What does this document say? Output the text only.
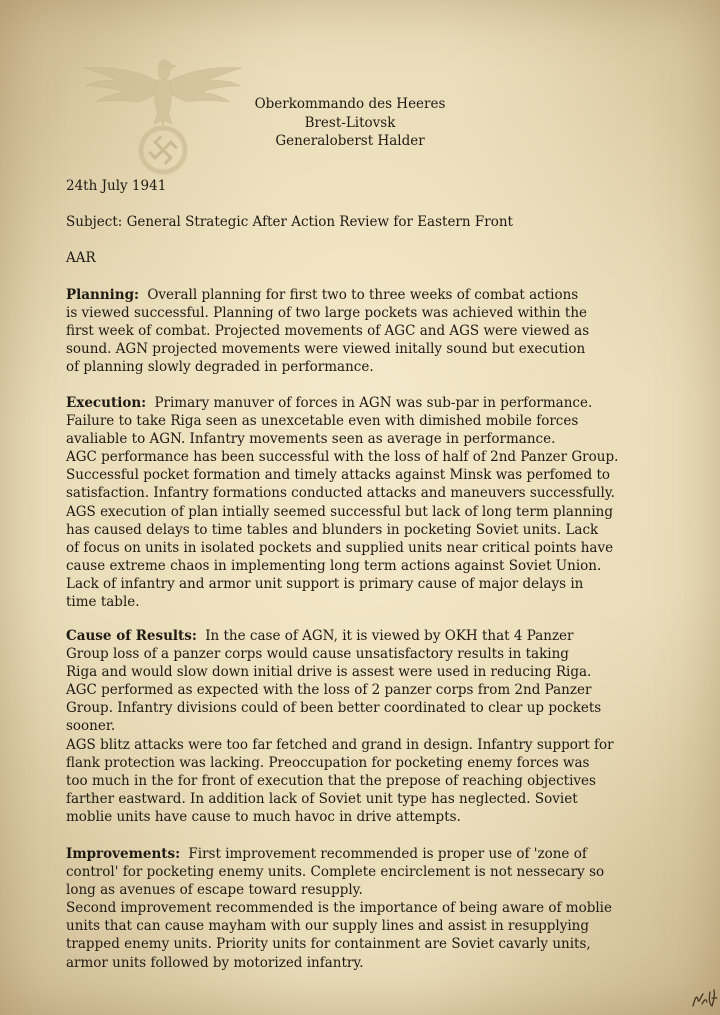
Oberkommando des Heeres
Brest-Litovsk
Generaloberst Halder
24th July 1941
Subject: General Strategic After Action Review for Eastern Front
AAR
Planning: Overall planning for first two to three weeks of combat actions
is viewed successful. Planning of two large pockets was achieved within the
first week of combat. Projected movements of AGC and AGS were viewed as
sound. AGN projected movements were viewed initally sound but execution
of planning slowly degraded in performance.
Execution: Primary manuver of forces in AGN was sub-par in performance.
Failure to take Riga seen as unexcetable even with dimished mobile forces
avaliable to AGN. Infantry movements seen as average in performance.
AGC performance has been successful with the loss of half of 2nd Panzer Group.
Successful pocket formation and timely attacks against Minsk was perfomed to
satisfaction. Infantry formations conducted attacks and maneuvers successfully.
AGS execution of plan intially seemed successful but lack of long term planning
has caused delays to time tables and blunders in pocketing Soviet units. Lack
of focus on units in isolated pockets and supplied units near critical points have
cause extreme chaos in implementing long term actions against Soviet Union.
Lack of infantry and armor unit support is primary cause of major delays in
time table.
Cause of Results: In the case of AGN, it is viewed by OKH that 4 Panzer
Group loss of a panzer corps would cause unsatisfactory results in taking
Riga and would slow down initial drive is assest were used in reducing Riga.
AGC performed as expected with the loss of 2 panzer corps from 2nd Panzer
Group. Infantry divisions could of been better coordinated to clear up pockets
sooner.
AGS blitz attacks were too far fetched and grand in design. Infantry support for
flank protection was lacking. Preoccupation for pocketing enemy forces was
too much in the for front of execution that the prepose of reaching objectives
farther eastward. In addition lack of Soviet unit type has neglected. Soviet
moblie units have cause to much havoc in drive attempts.
Improvements: First improvement recommended is proper use of 'zone of
control' for pocketing enemy units. Complete encirclement is not nessecary so
long as avenues of escape toward resupply.
Second improvement recommended is the importance of being aware of moblie
units that can cause mayham with our supply lines and assist in resupplying
trapped enemy units. Priority units for containment are Soviet cavarly units,
armor units followed by motorized infantry.
